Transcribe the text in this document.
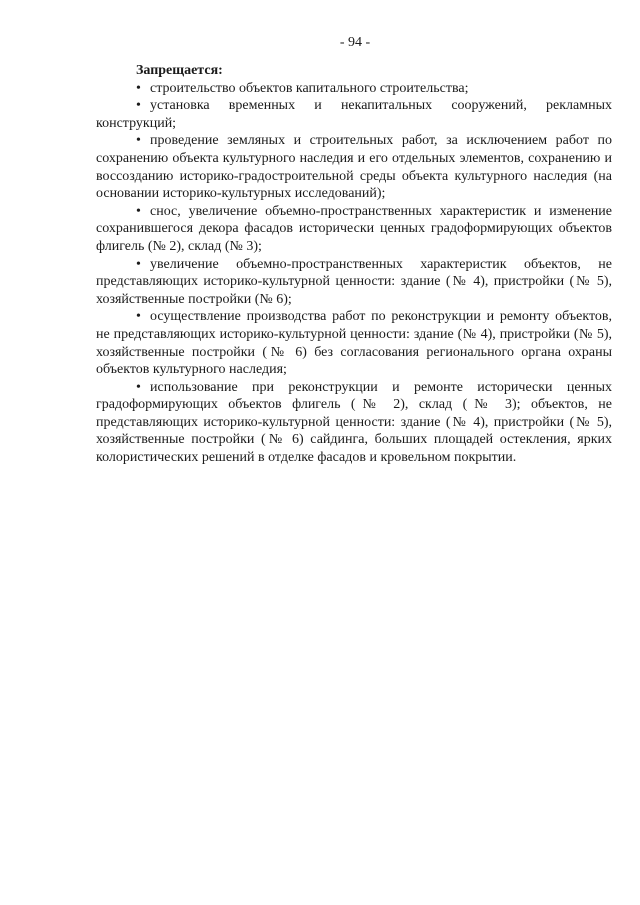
- 94 -
Запрещается:

• строительство объектов капитального строительства;

• установка временных и некапитальных сооружений, рекламных конструкций;

• проведение земляных и строительных работ, за исключением работ по сохранению объекта культурного наследия и его отдельных элементов, сохранению и воссозданию историко-градостроительной среды объекта культурного наследия (на основании историко-культурных исследований);

• снос, увеличение объемно-пространственных характеристик и изменение сохранившегося декора фасадов исторически ценных градоформирующих объектов флигель (№ 2), склад (№ 3);

• увеличение объемно-пространственных характеристик объектов, не представляющих историко-культурной ценности: здание (№ 4), пристройки (№ 5), хозяйственные постройки (№ 6);

• осуществление производства работ по реконструкции и ремонту объектов, не представляющих историко-культурной ценности: здание (№ 4), пристройки (№ 5), хозяйственные постройки (№ 6) без согласования регионального органа охраны объектов культурного наследия;

• использование при реконструкции и ремонте исторически ценных градоформирующих объектов флигель (№ 2), склад (№ 3); объектов, не представляющих историко-культурной ценности: здание (№ 4), пристройки (№ 5), хозяйственные постройки (№ 6) сайдинга, больших площадей остекления, ярких колористических решений в отделке фасадов и кровельном покрытии.
